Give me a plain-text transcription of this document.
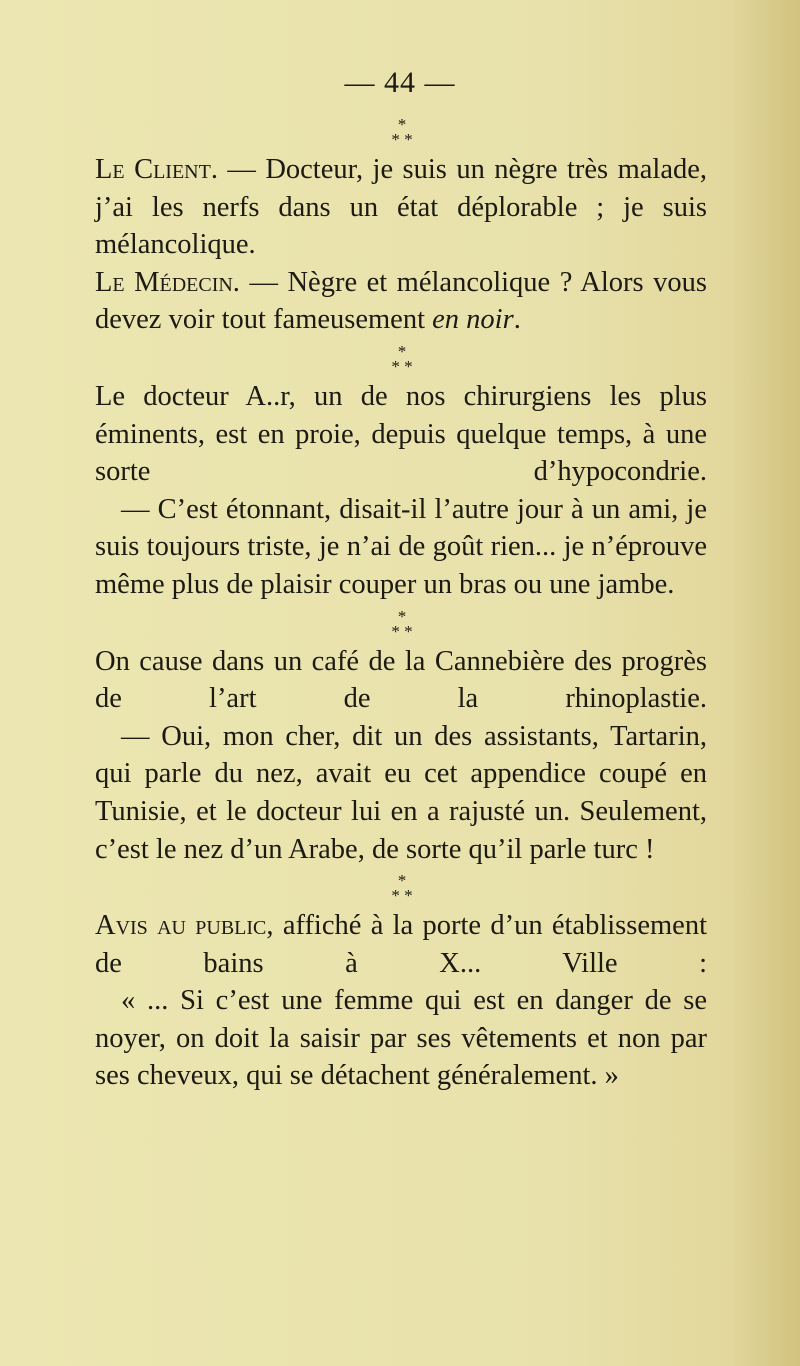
— 44 —

*
* *

Le Client. — Docteur, je suis un nègre très malade, j’ai les nerfs dans un état déplorable ; je suis mélancolique.

Le Médecin. — Nègre et mélancolique ? Alors vous devez voir tout fameusement en noir.

*
* *

Le docteur A..r, un de nos chirurgiens les plus éminents, est en proie, depuis quelque temps, à une sorte d’hypocondrie.

— C’est étonnant, disait-il l’autre jour à un ami, je suis toujours triste, je n’ai de goût rien... je n’éprouve même plus de plaisir couper un bras ou une jambe.

*
* *

On cause dans un café de la Cannebière des progrès de l’art de la rhinoplastie.

— Oui, mon cher, dit un des assistants, Tartarin, qui parle du nez, avait eu cet appendice coupé en Tunisie, et le docteur lui en a rajusté un. Seulement, c’est le nez d’un Arabe, de sorte qu’il parle turc !

*
* *

Avis au public, affiché à la porte d’un établissement de bains à X... Ville :

« ... Si c’est une femme qui est en danger de se noyer, on doit la saisir par ses vêtements et non par ses cheveux, qui se détachent généralement. »
